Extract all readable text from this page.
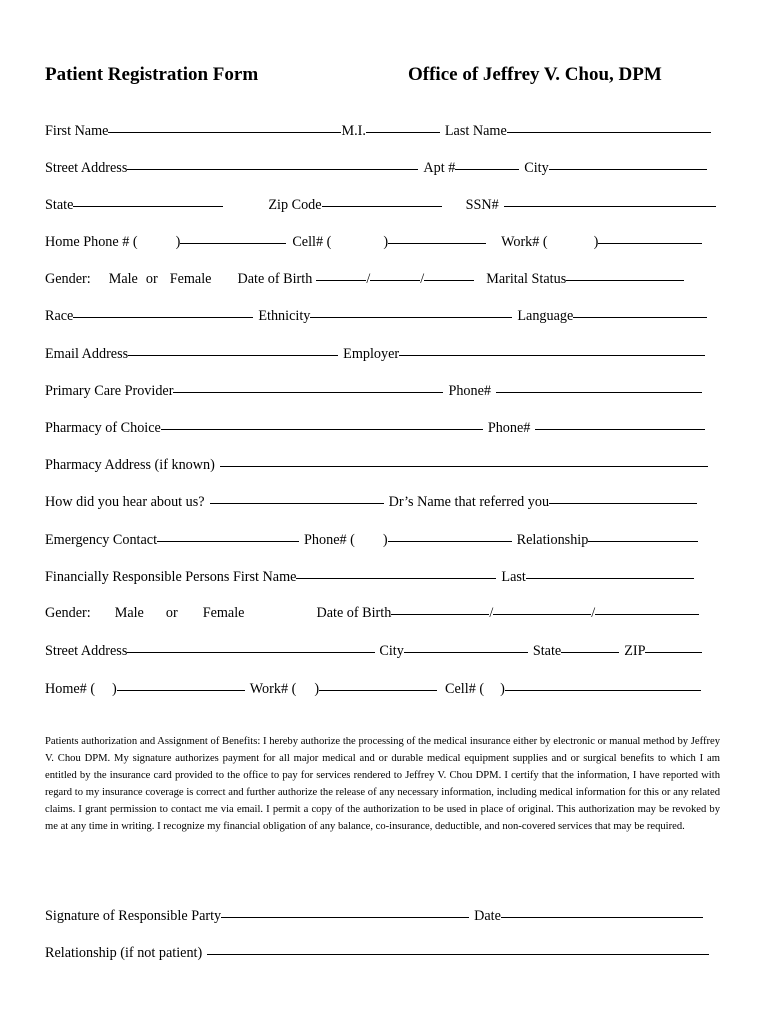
Patient Registration Form	Office of Jeffrey V. Chou, DPM
First Name	M.I.	Last Name
Street Address	Apt #	City
State	Zip Code	SSN#
Home Phone # (	)	Cell# (	)	Work# (	)
Gender: Male or Female Date of Birth	/	/	Marital Status
Race	Ethnicity	Language
Email Address	Employer
Primary Care Provider	Phone#
Pharmacy of Choice	Phone#
Pharmacy Address (if known)
How did you hear about us?	Dr’s Name that referred you
Emergency Contact	Phone# ( )	Relationship
Financially Responsible Persons First Name	Last
Gender: Male or Female	Date of Birth	/	/
Street Address	City	State	ZIP
Home# ( )	Work# ( )	Cell# ( )
Patients authorization and Assignment of Benefits: I hereby authorize the processing of the medical insurance either by electronic or manual method by Jeffrey V. Chou DPM. My signature authorizes payment for all major medical and or durable medical equipment supplies and or surgical benefits to which I am entitled by the insurance card provided to the office to pay for services rendered to Jeffrey V. Chou DPM. I certify that the information, I have reported with regard to my insurance coverage is correct and further authorize the release of any necessary information, including medical information for this or any related claims. I grant permission to contact me via email. I permit a copy of the authorization to be used in place of original. This authorization may be revoked by me at any time in writing. I recognize my financial obligation of any balance, co-insurance, deductible, and non-covered services that may be required.
Signature of Responsible Party	Date
Relationship (if not patient)
